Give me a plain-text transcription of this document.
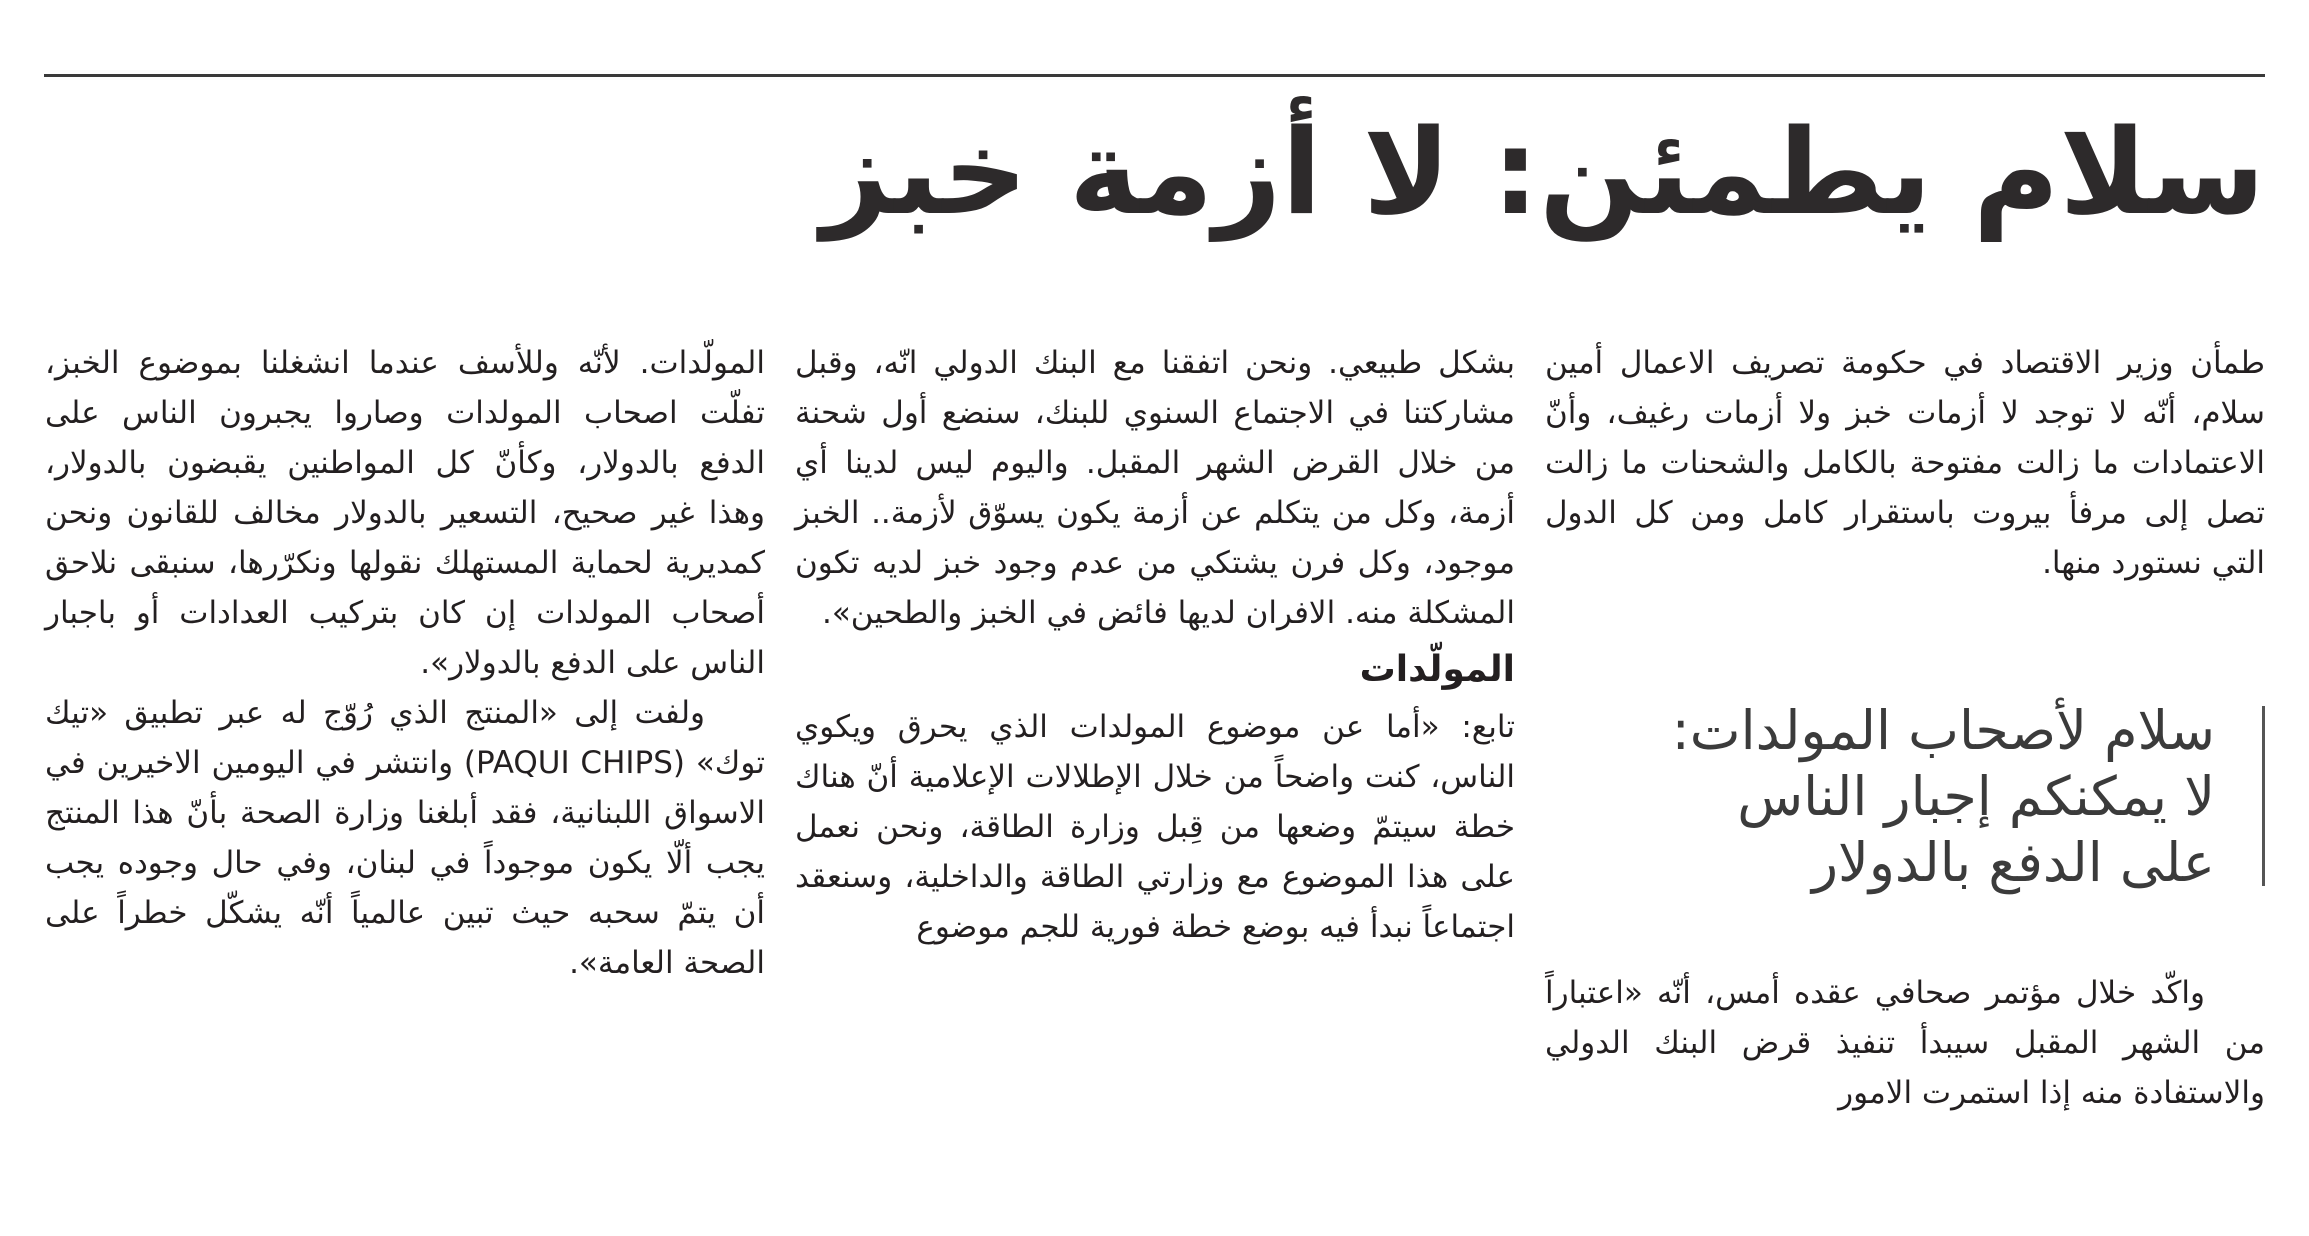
سلام يطمئن: لا أزمة خبز

طمأن وزير الاقتصاد في حكومة تصريف الاعمال أمين سلام، أنّه لا توجد لا أزمات خبز ولا أزمات رغيف، وأنّ الاعتمادات ما زالت مفتوحة بالكامل والشحنات ما زالت تصل إلى مرفأ بيروت باستقرار كامل ومن كل الدول التي نستورد منها.

سلام لأصحاب المولدات:
لا يمكنكم إجبار الناس
على الدفع بالدولار

واكّد خلال مؤتمر صحافي عقده أمس، أنّه «اعتباراً من الشهر المقبل سيبدأ تنفيذ قرض البنك الدولي والاستفادة منه إذا استمرت الامور

بشكل طبيعي. ونحن اتفقنا مع البنك الدولي انّه، وقبل مشاركتنا في الاجتماع السنوي للبنك، سنضع أول شحنة من خلال القرض الشهر المقبل. واليوم ليس لدينا أي أزمة، وكل من يتكلم عن أزمة يكون يسوّق لأزمة.. الخبز موجود، وكل فرن يشتكي من عدم وجود خبز لديه تكون المشكلة منه. الافران لديها فائض في الخبز والطحين».

المولّدات

تابع: «أما عن موضوع المولدات الذي يحرق ويكوي الناس، كنت واضحاً من خلال الإطلالات الإعلامية أنّ هناك خطة سيتمّ وضعها من قِبل وزارة الطاقة، ونحن نعمل على هذا الموضوع مع وزارتي الطاقة والداخلية، وسنعقد اجتماعاً نبدأ فيه بوضع خطة فورية للجم موضوع

المولّدات. لأنّه وللأسف عندما انشغلنا بموضوع الخبز، تفلّت اصحاب المولدات وصاروا يجبرون الناس على الدفع بالدولار، وكأنّ كل المواطنين يقبضون بالدولار، وهذا غير صحيح، التسعير بالدولار مخالف للقانون ونحن كمديرية لحماية المستهلك نقولها ونكرّرها، سنبقى نلاحق أصحاب المولدات إن كان بتركيب العدادات أو باجبار الناس على الدفع بالدولار».

ولفت إلى «المنتج الذي رُوّج له عبر تطبيق «تيك توك» (PAQUI CHIPS) وانتشر في اليومين الاخيرين في الاسواق اللبنانية، فقد أبلغنا وزارة الصحة بأنّ هذا المنتج يجب ألّا يكون موجوداً في لبنان، وفي حال وجوده يجب أن يتمّ سحبه حيث تبين عالمياً أنّه يشكّل خطراً على الصحة العامة».
